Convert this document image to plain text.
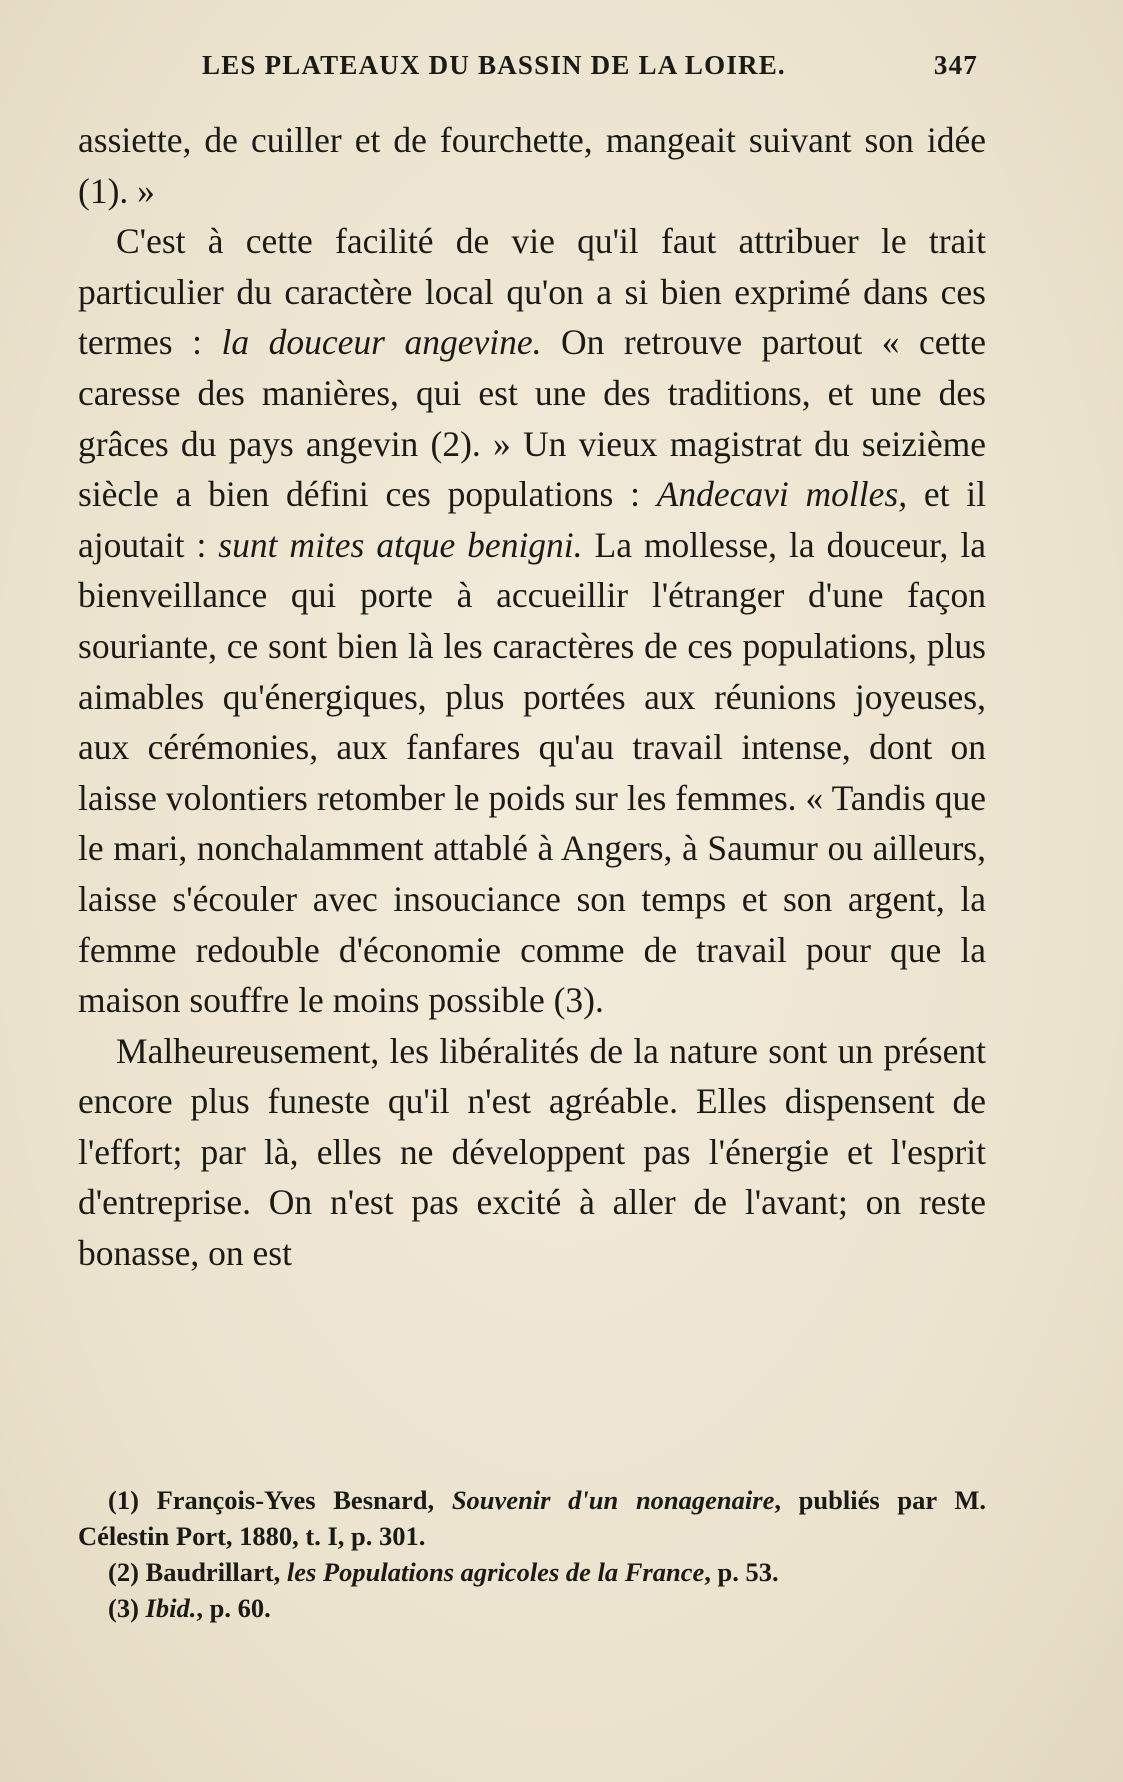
LES PLATEAUX DU BASSIN DE LA LOIRE.	347

assiette, de cuiller et de fourchette, mangeait suivant son idée (1). »

C'est à cette facilité de vie qu'il faut attribuer le trait particulier du caractère local qu'on a si bien exprimé dans ces termes : la douceur angevine. On retrouve partout « cette caresse des manières, qui est une des traditions, et une des grâces du pays angevin (2). » Un vieux magistrat du seizième siècle a bien défini ces populations : Andecavi molles, et il ajoutait : sunt mites atque benigni. La mollesse, la douceur, la bienveillance qui porte à accueillir l'étranger d'une façon souriante, ce sont bien là les caractères de ces populations, plus aimables qu'énergiques, plus portées aux réunions joyeuses, aux cérémonies, aux fanfares qu'au travail intense, dont on laisse volontiers retomber le poids sur les femmes. « Tandis que le mari, nonchalamment attablé à Angers, à Saumur ou ailleurs, laisse s'écouler avec insouciance son temps et son argent, la femme redouble d'économie comme de travail pour que la maison souffre le moins possible (3).

Malheureusement, les libéralités de la nature sont un présent encore plus funeste qu'il n'est agréable. Elles dispensent de l'effort; par là, elles ne développent pas l'énergie et l'esprit d'entreprise. On n'est pas excité à aller de l'avant; on reste bonasse, on est

(1) François-Yves Besnard, Souvenir d'un nonagenaire, publiés par M. Célestin Port, 1880, t. I, p. 301.

(2) Baudrillart, les Populations agricoles de la France, p. 53.

(3) Ibid., p. 60.
